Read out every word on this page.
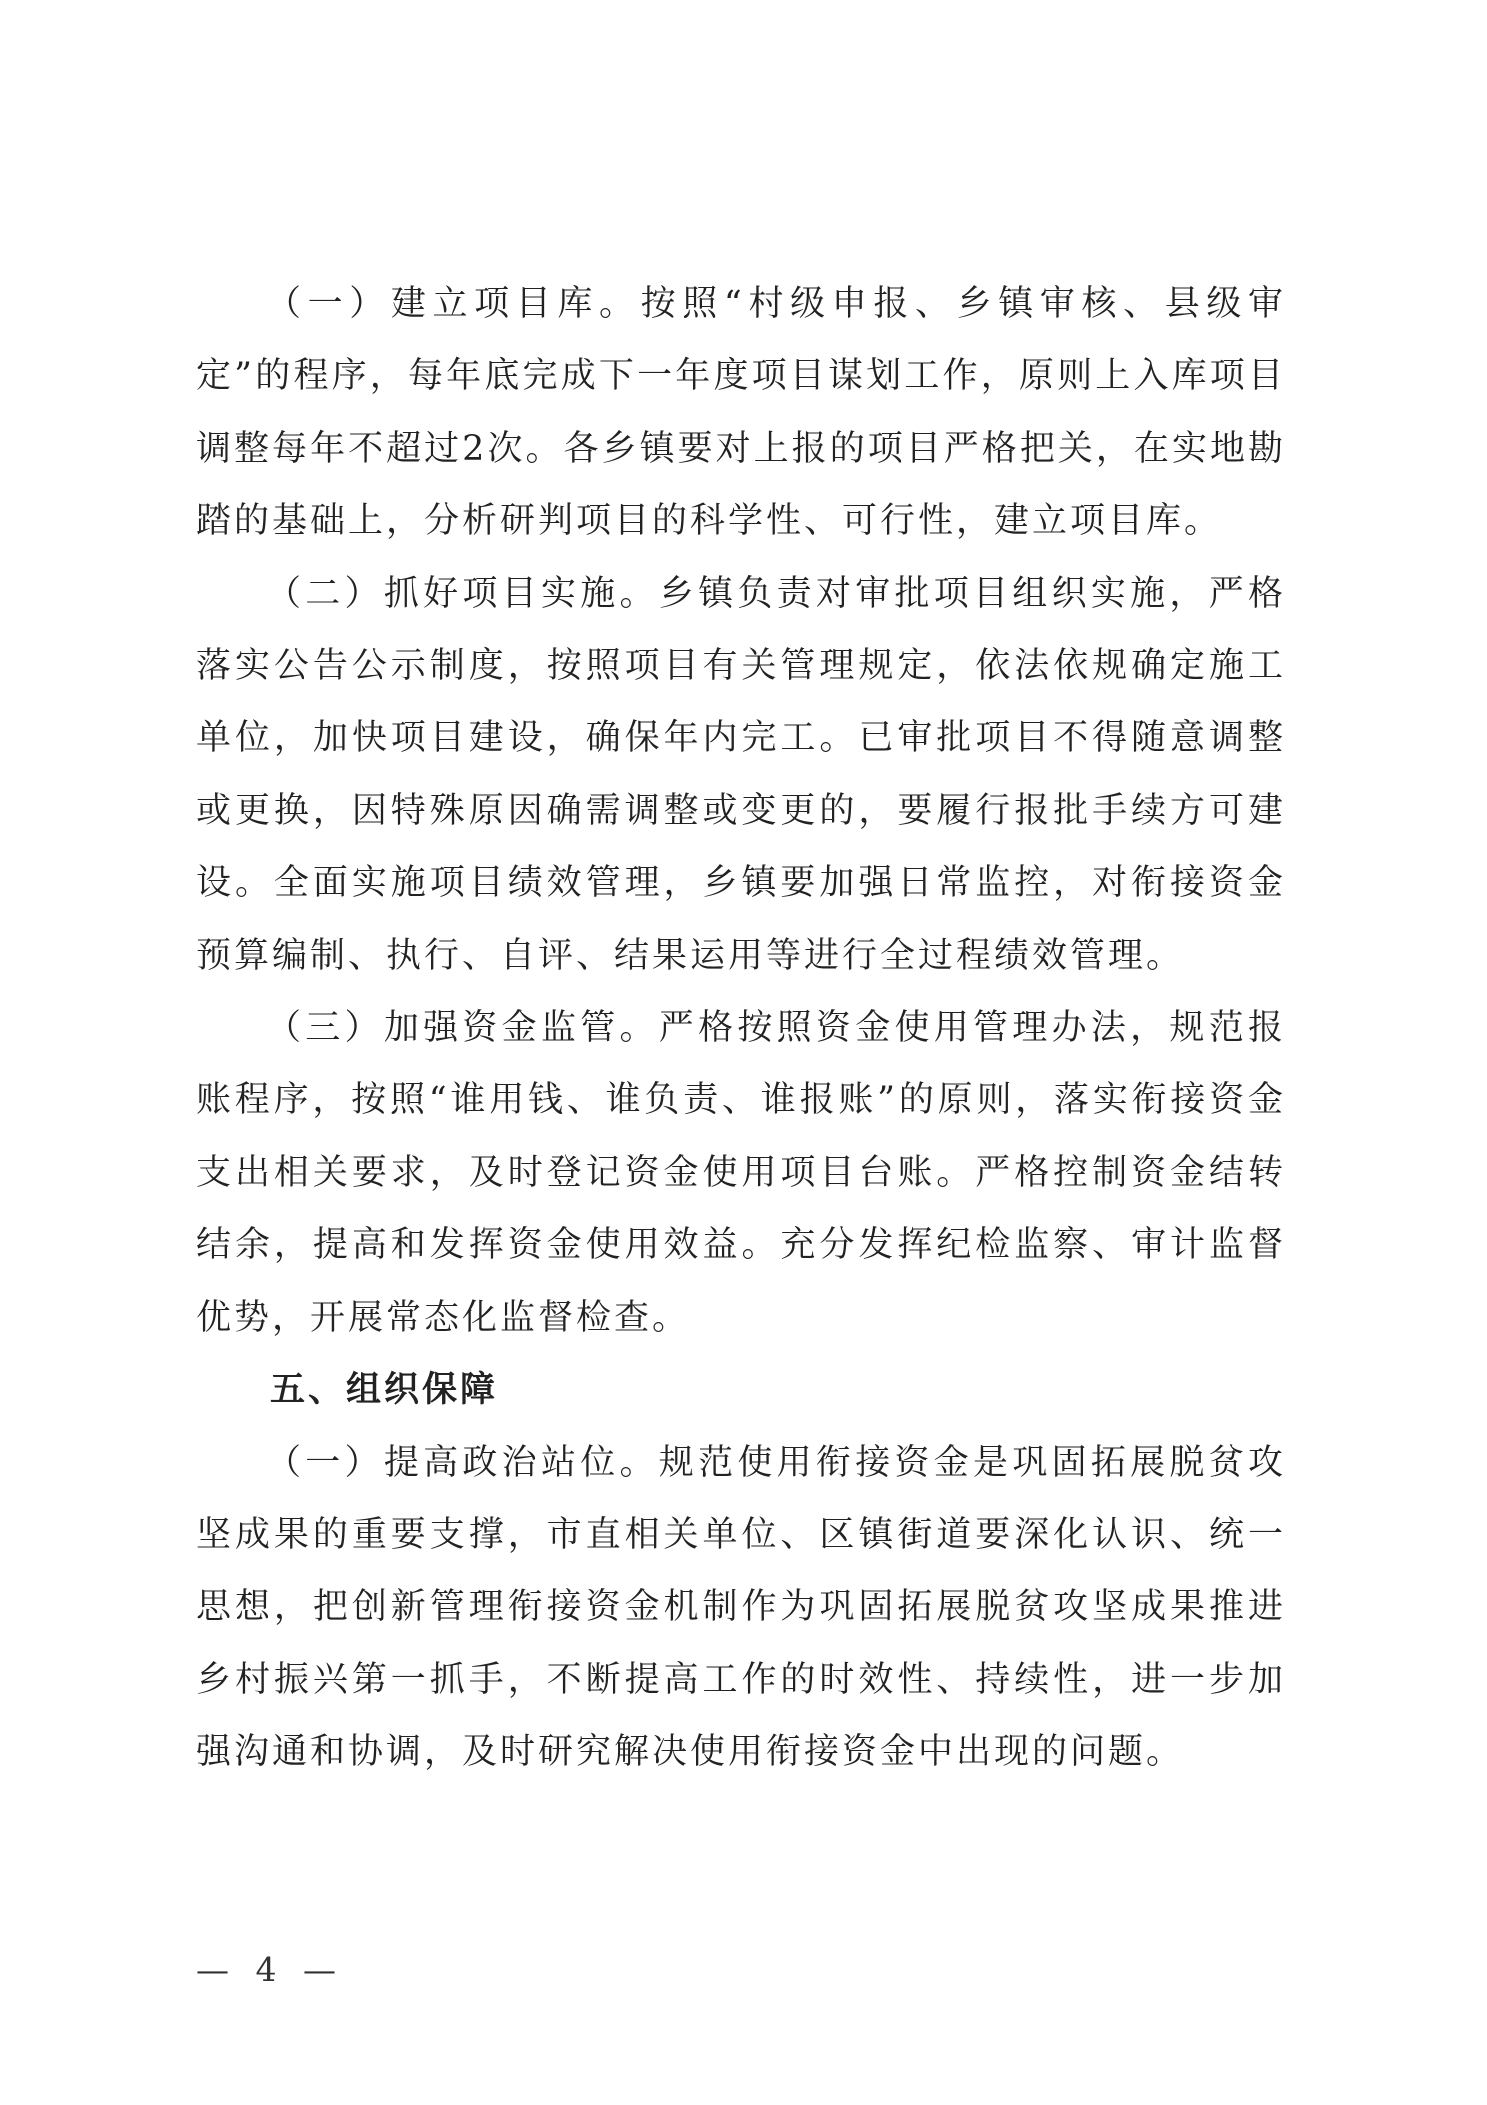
（一）建立项目库。按照“村级申报、乡镇审核、县级审定”的程序，每年底完成下一年度项目谋划工作，原则上入库项目调整每年不超过2次。各乡镇要对上报的项目严格把关，在实地勘踏的基础上，分析研判项目的科学性、可行性，建立项目库。

（二）抓好项目实施。乡镇负责对审批项目组织实施，严格落实公告公示制度，按照项目有关管理规定，依法依规确定施工单位，加快项目建设，确保年内完工。已审批项目不得随意调整或更换，因特殊原因确需调整或变更的，要履行报批手续方可建设。全面实施项目绩效管理，乡镇要加强日常监控，对衔接资金预算编制、执行、自评、结果运用等进行全过程绩效管理。

（三）加强资金监管。严格按照资金使用管理办法，规范报账程序，按照“谁用钱、谁负责、谁报账”的原则，落实衔接资金支出相关要求，及时登记资金使用项目台账。严格控制资金结转结余，提高和发挥资金使用效益。充分发挥纪检监察、审计监督优势，开展常态化监督检查。

五、组织保障

（一）提高政治站位。规范使用衔接资金是巩固拓展脱贫攻坚成果的重要支撑，市直相关单位、区镇街道要深化认识、统一思想，把创新管理衔接资金机制作为巩固拓展脱贫攻坚成果推进乡村振兴第一抓手，不断提高工作的时效性、持续性，进一步加强沟通和协调，及时研究解决使用衔接资金中出现的问题。

— 4 —
